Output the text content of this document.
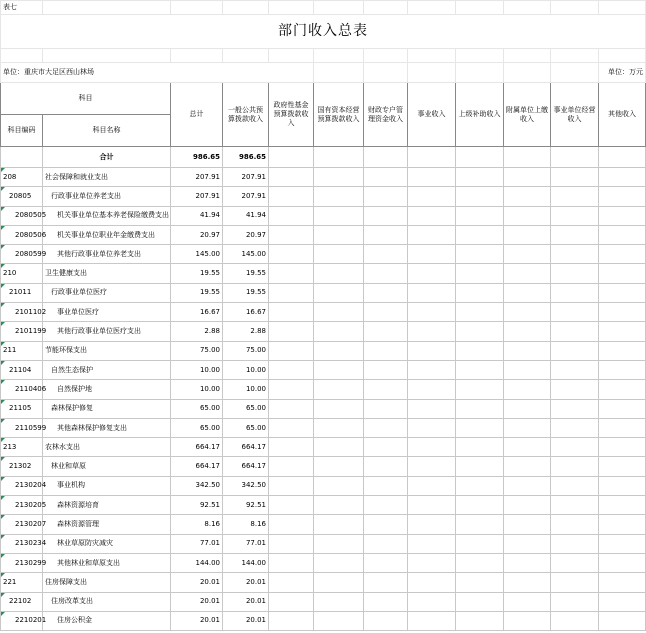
表七											
部门收入总表											

单位：重庆市大足区西山林场											单位：万元
科目		总计	一般公共预算拨款收入	政府性基金预算拨款收入	国有资本经营预算拨款收入	财政专户管理资金收入	事业收入	上级补助收入	附属单位上缴收入	事业单位经营收入	其他收入
科目编码	科目名称										
	合计	986.65	986.65								
208	社会保障和就业支出	207.91	207.91								
20805	行政事业单位养老支出	207.91	207.91								
2080505	机关事业单位基本养老保险缴费支出	41.94	41.94								
2080506	机关事业单位职业年金缴费支出	20.97	20.97								
2080599	其他行政事业单位养老支出	145.00	145.00								
210	卫生健康支出	19.55	19.55								
21011	行政事业单位医疗	19.55	19.55								
2101102	事业单位医疗	16.67	16.67								
2101199	其他行政事业单位医疗支出	2.88	2.88								
211	节能环保支出	75.00	75.00								
21104	自然生态保护	10.00	10.00								
2110406	自然保护地	10.00	10.00								
21105	森林保护修复	65.00	65.00								
2110599	其他森林保护修复支出	65.00	65.00								
213	农林水支出	664.17	664.17								
21302	林业和草原	664.17	664.17								
2130204	事业机构	342.50	342.50								
2130205	森林资源培育	92.51	92.51								
2130207	森林资源管理	8.16	8.16								
2130234	林业草原防灾减灾	77.01	77.01								
2130299	其他林业和草原支出	144.00	144.00								
221	住房保障支出	20.01	20.01								
22102	住房改革支出	20.01	20.01								
2210201	住房公积金	20.01	20.01								
